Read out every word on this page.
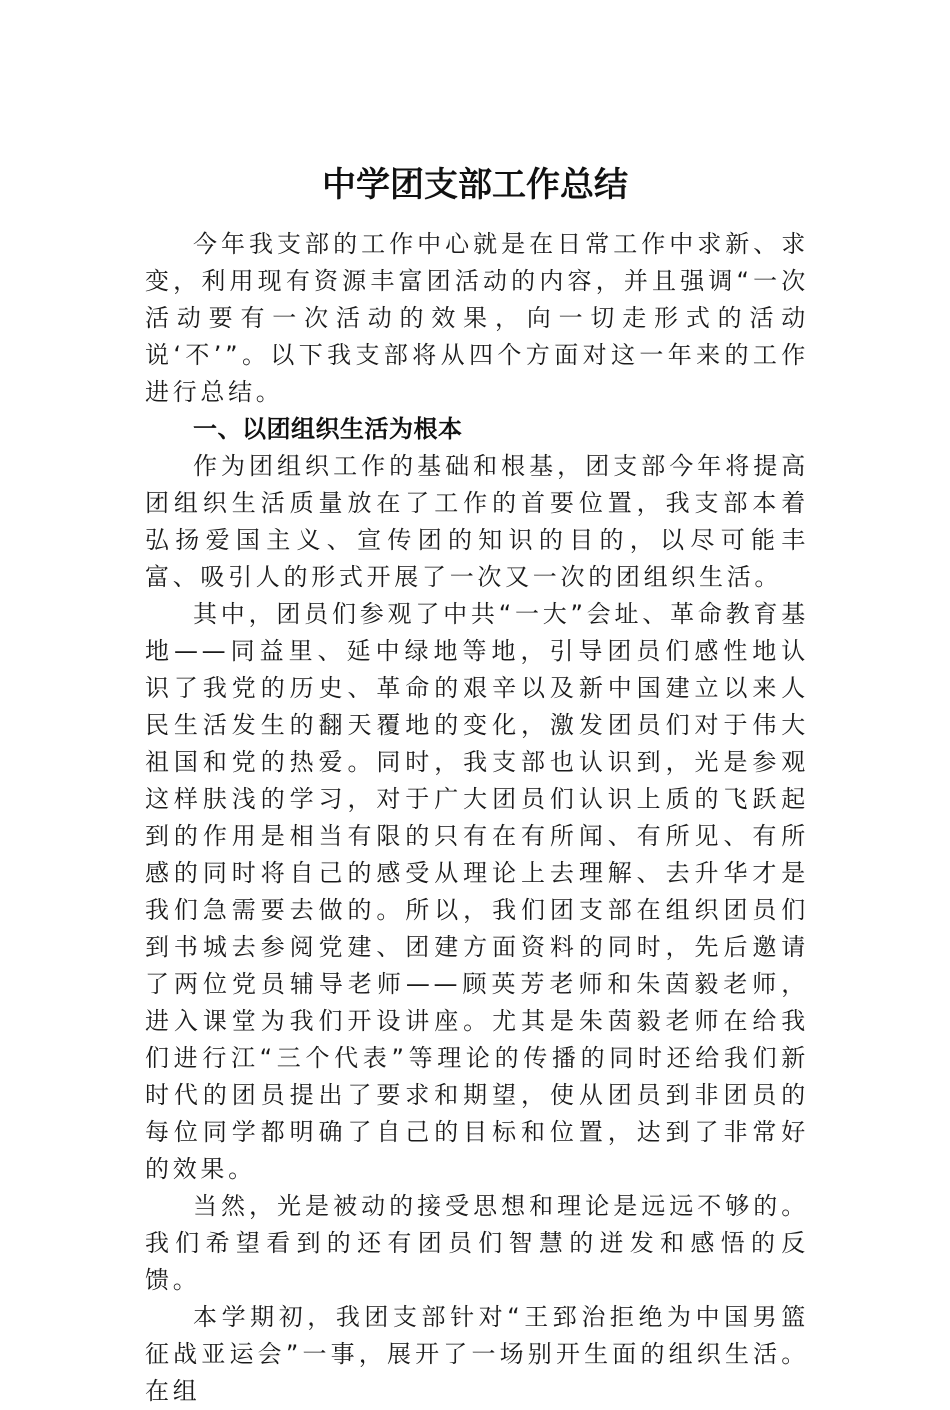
中学团支部工作总结

今年我支部的工作中心就是在日常工作中求新、求变，利用现有资源丰富团活动的内容，并且强调“一次活动要有一次活动的效果，向一切走形式的活动说‘不’”。以下我支部将从四个方面对这一年来的工作进行总结。

一、以团组织生活为根本

作为团组织工作的基础和根基，团支部今年将提高团组织生活质量放在了工作的首要位置，我支部本着弘扬爱国主义、宣传团的知识的目的，以尽可能丰富、吸引人的形式开展了一次又一次的团组织生活。

其中，团员们参观了中共“一大”会址、革命教育基地——同益里、延中绿地等地，引导团员们感性地认识了我党的历史、革命的艰辛以及新中国建立以来人民生活发生的翻天覆地的变化，激发团员们对于伟大祖国和党的热爱。同时，我支部也认识到，光是参观这样肤浅的学习，对于广大团员们认识上质的飞跃起到的作用是相当有限的只有在有所闻、有所见、有所感的同时将自己的感受从理论上去理解、去升华才是我们急需要去做的。所以，我们团支部在组织团员们到书城去参阅党建、团建方面资料的同时，先后邀请了两位党员辅导老师——顾英芳老师和朱茵毅老师，进入课堂为我们开设讲座。尤其是朱茵毅老师在给我们进行江“三个代表”等理论的传播的同时还给我们新时代的团员提出了要求和期望，使从团员到非团员的每位同学都明确了自己的目标和位置，达到了非常好的效果。

当然，光是被动的接受思想和理论是远远不够的。我们希望看到的还有团员们智慧的迸发和感悟的反馈。

本学期初，我团支部针对“王郅治拒绝为中国男篮征战亚运会”一事，展开了一场别开生面的组织生活。在组
